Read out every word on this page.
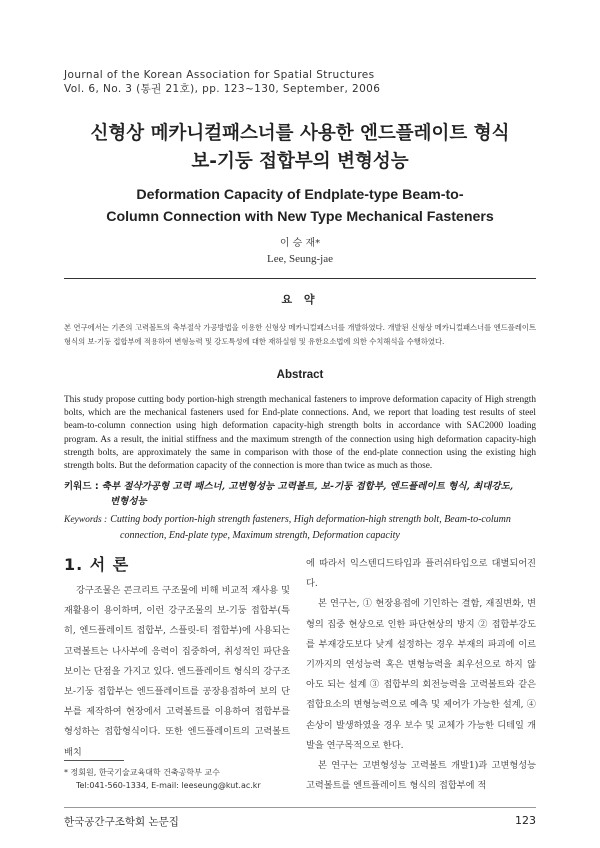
Journal of the Korean Association for Spatial Structures
Vol. 6, No. 3 (통권 21호), pp. 123~130, September, 2006
신형상 메카니컬패스너를 사용한 엔드플레이트 형식
보-기둥 접합부의 변형성능
Deformation Capacity of Endplate-type Beam-to-
Column Connection with New Type Mechanical Fasteners
이 승 재*
Lee, Seung-jae
요 약
본 연구에서는 기존의 고력볼트의 축부절삭 가공방법을 이용한 신형상 메카니컬패스너를 개발하였다. 개발된 신형상 메카니컬패스너를 엔드플레이트 형식의 보-기둥 접합부에 적용하여 변형능력 및 강도특성에 대한 재하실험 및 유한요소법에 의한 수치해석을 수행하였다.
Abstract
This study propose cutting body portion-high strength mechanical fasteners to improve deformation capacity of High strength bolts, which are the mechanical fasteners used for End-plate connections. And, we report that loading test results of steel beam-to-column connection using high deformation capacity-high strength bolts in accordance with SAC2000 loading program. As a result, the initial stiffness and the maximum strength of the connection using high deformation capacity-high strength bolts, are approximately the same in comparison with those of the end-plate connection using the existing high strength bolts. But the deformation capacity of the connection is more than twice as much as those.
키워드 : 축부 절삭가공형 고력 패스너, 고변형성능 고력볼트, 보-기둥 접합부, 엔드플레이트 형식, 최대강도,
변형성능
Keywords : Cutting body portion-high strength fasteners, High deformation-high strength bolt, Beam-to-column
connection, End-plate type, Maximum strength, Deformation capacity
1. 서 론

강구조물은 콘크리트 구조물에 비해 비교적 재사용 및 재활용이 용이하며, 이런 강구조물의 보-기둥 접합부(특히, 엔드플레이트 접합부, 스플릿-티 접합부)에 사용되는 고력볼트는 나사부에 응력이 집중하여, 취성적인 파단을 보이는 단점을 가지고 있다. 엔드플레이트 형식의 강구조 보-기둥 접합부는 엔드플레이트를 공장용접하여 보의 단부를 제작하여 현장에서 고력볼트를 이용하여 접합부를 형성하는 접합형식이다. 또한 엔드플레이트의 고력볼트 배치

에 따라서 익스텐디드타입과 플러쉬타입으로 대별되어진다.

본 연구는, ① 현장용접에 기인하는 결함, 재질변화, 변형의 집중 현상으로 인한 파단현상의 방지 ② 접합부강도를 부재강도보다 낮게 설정하는 경우 부재의 파괴에 이르기까지의 연성능력 혹은 변형능력을 최우선으로 하지 않아도 되는 설계 ③ 접합부의 회전능력을 고력볼트와 같은 접합요소의 변형능력으로 예측 및 제어가 가능한 설계, ④ 손상이 발생하였을 경우 보수 및 교체가 가능한 디테일 개발을 연구목적으로 한다.

본 연구는 고변형성능 고력볼트 개발1)과 고변형성능 고력볼트를 엔트플레이트 형식의 접합부에 적

* 정회원, 한국기술교육대학 건축공학부 교수
Tel:041-560-1334, E-mail: leeseung@kut.ac.kr
한국공간구조학회 논문집	123
